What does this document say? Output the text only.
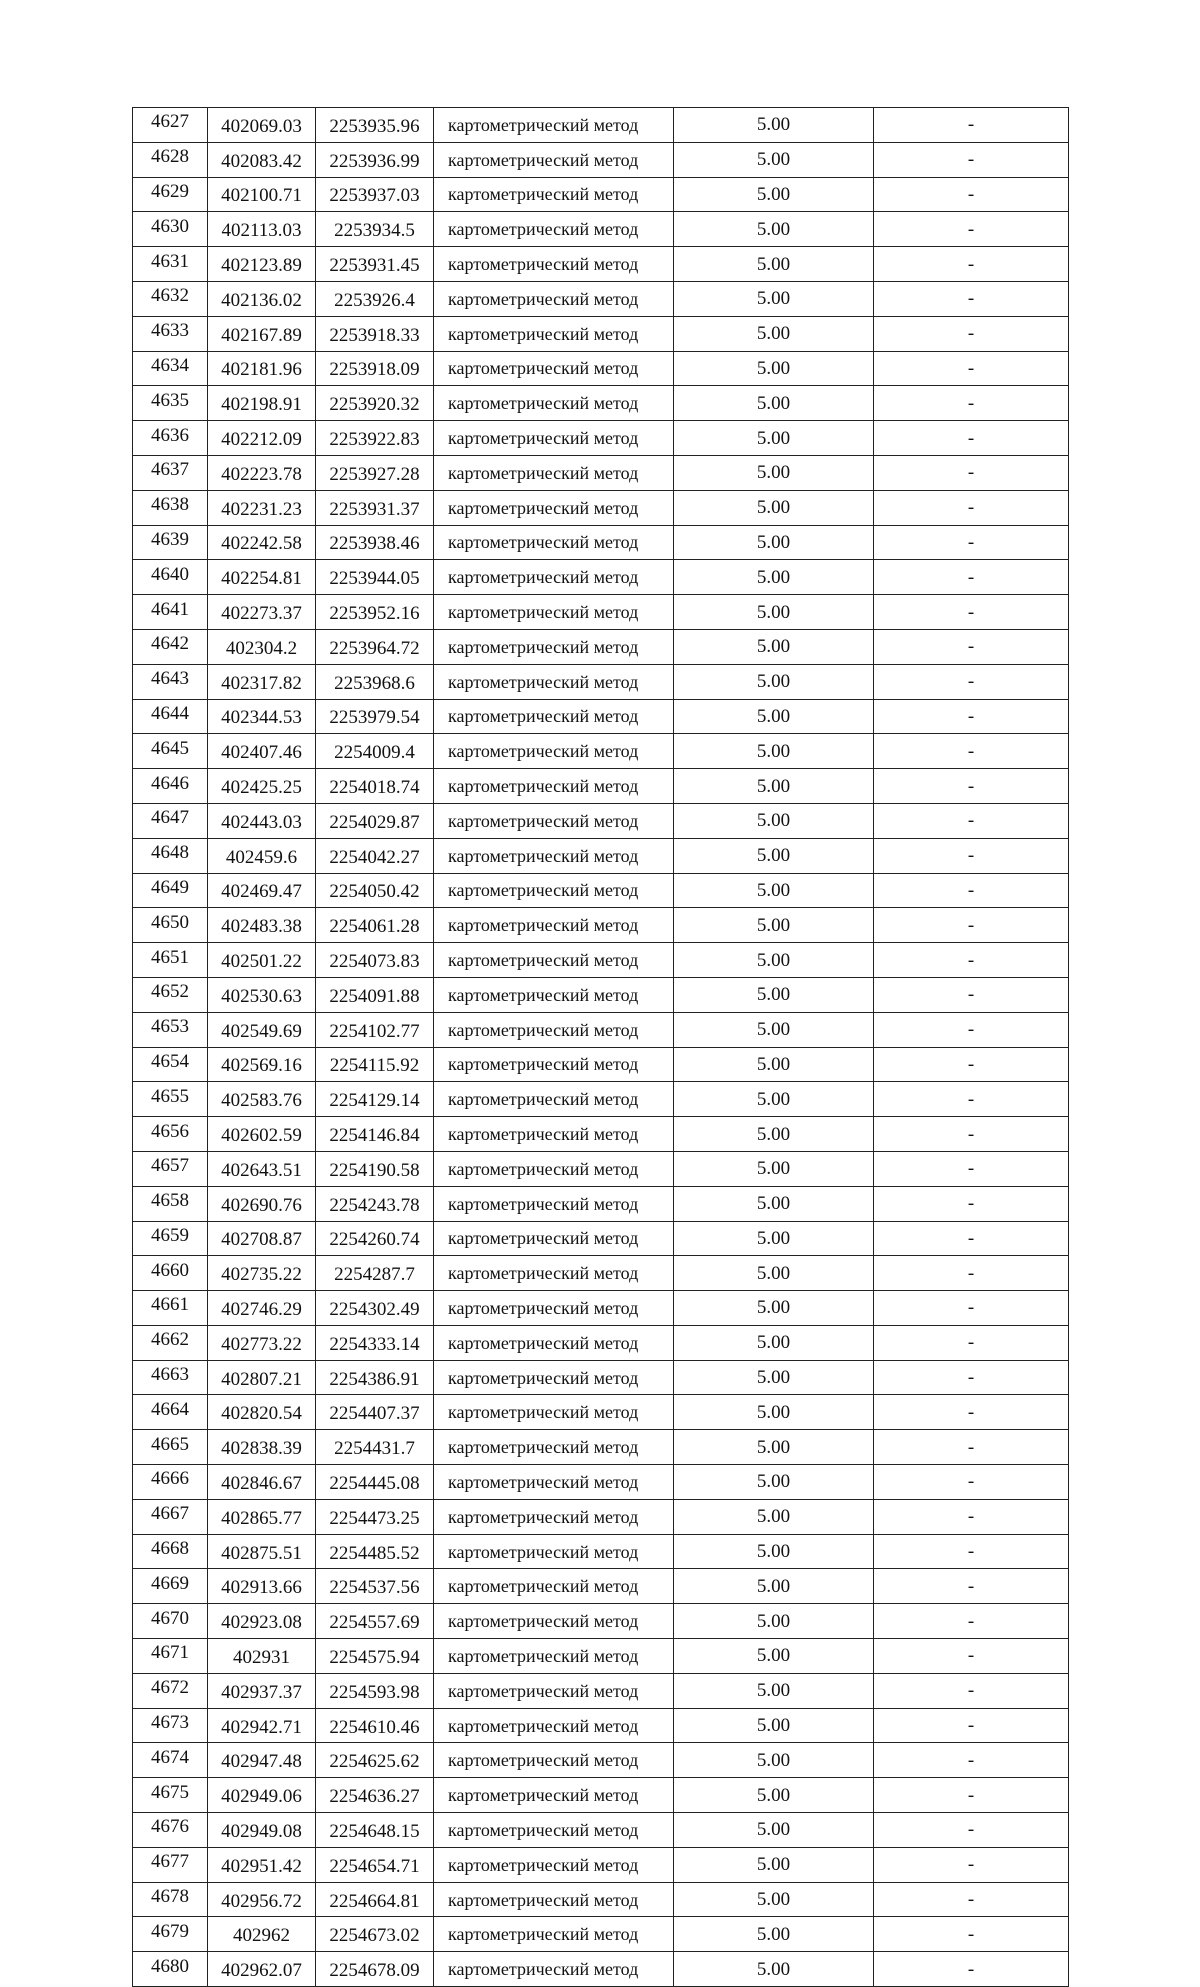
4627	402069.03	2253935.96	картометрический метод	5.00	-
4628	402083.42	2253936.99	картометрический метод	5.00	-
4629	402100.71	2253937.03	картометрический метод	5.00	-
4630	402113.03	2253934.5	картометрический метод	5.00	-
4631	402123.89	2253931.45	картометрический метод	5.00	-
4632	402136.02	2253926.4	картометрический метод	5.00	-
4633	402167.89	2253918.33	картометрический метод	5.00	-
4634	402181.96	2253918.09	картометрический метод	5.00	-
4635	402198.91	2253920.32	картометрический метод	5.00	-
4636	402212.09	2253922.83	картометрический метод	5.00	-
4637	402223.78	2253927.28	картометрический метод	5.00	-
4638	402231.23	2253931.37	картометрический метод	5.00	-
4639	402242.58	2253938.46	картометрический метод	5.00	-
4640	402254.81	2253944.05	картометрический метод	5.00	-
4641	402273.37	2253952.16	картометрический метод	5.00	-
4642	402304.2	2253964.72	картометрический метод	5.00	-
4643	402317.82	2253968.6	картометрический метод	5.00	-
4644	402344.53	2253979.54	картометрический метод	5.00	-
4645	402407.46	2254009.4	картометрический метод	5.00	-
4646	402425.25	2254018.74	картометрический метод	5.00	-
4647	402443.03	2254029.87	картометрический метод	5.00	-
4648	402459.6	2254042.27	картометрический метод	5.00	-
4649	402469.47	2254050.42	картометрический метод	5.00	-
4650	402483.38	2254061.28	картометрический метод	5.00	-
4651	402501.22	2254073.83	картометрический метод	5.00	-
4652	402530.63	2254091.88	картометрический метод	5.00	-
4653	402549.69	2254102.77	картометрический метод	5.00	-
4654	402569.16	2254115.92	картометрический метод	5.00	-
4655	402583.76	2254129.14	картометрический метод	5.00	-
4656	402602.59	2254146.84	картометрический метод	5.00	-
4657	402643.51	2254190.58	картометрический метод	5.00	-
4658	402690.76	2254243.78	картометрический метод	5.00	-
4659	402708.87	2254260.74	картометрический метод	5.00	-
4660	402735.22	2254287.7	картометрический метод	5.00	-
4661	402746.29	2254302.49	картометрический метод	5.00	-
4662	402773.22	2254333.14	картометрический метод	5.00	-
4663	402807.21	2254386.91	картометрический метод	5.00	-
4664	402820.54	2254407.37	картометрический метод	5.00	-
4665	402838.39	2254431.7	картометрический метод	5.00	-
4666	402846.67	2254445.08	картометрический метод	5.00	-
4667	402865.77	2254473.25	картометрический метод	5.00	-
4668	402875.51	2254485.52	картометрический метод	5.00	-
4669	402913.66	2254537.56	картометрический метод	5.00	-
4670	402923.08	2254557.69	картометрический метод	5.00	-
4671	402931	2254575.94	картометрический метод	5.00	-
4672	402937.37	2254593.98	картометрический метод	5.00	-
4673	402942.71	2254610.46	картометрический метод	5.00	-
4674	402947.48	2254625.62	картометрический метод	5.00	-
4675	402949.06	2254636.27	картометрический метод	5.00	-
4676	402949.08	2254648.15	картометрический метод	5.00	-
4677	402951.42	2254654.71	картометрический метод	5.00	-
4678	402956.72	2254664.81	картометрический метод	5.00	-
4679	402962	2254673.02	картометрический метод	5.00	-
4680	402962.07	2254678.09	картометрический метод	5.00	-
